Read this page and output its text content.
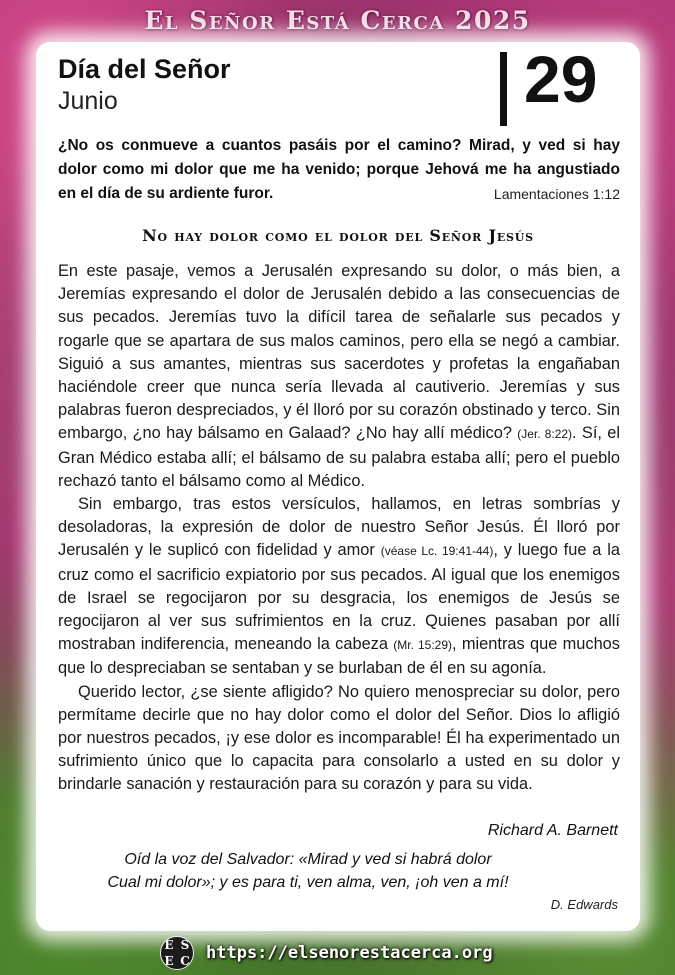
El Señor Está Cerca 2025
Día del Señor
Junio	29
¿No os conmueve a cuantos pasáis por el camino? Mirad, y ved si hay dolor como mi dolor que me ha venido; porque Jehová me ha angustiado en el día de su ardiente furor.	Lamentaciones 1:12
No hay dolor como el dolor del Señor Jesús

En este pasaje, vemos a Jerusalén expresando su dolor, o más bien, a Jeremías expresando el dolor de Jerusalén debido a las consecuencias de sus pecados. Jeremías tuvo la difícil tarea de señalarle sus pecados y rogarle que se apartara de sus malos caminos, pero ella se negó a cambiar. Siguió a sus amantes, mientras sus sacerdotes y profetas la engañaban haciéndole creer que nunca sería llevada al cautiverio. Jeremías y sus palabras fueron despreciados, y él lloró por su corazón obstinado y terco. Sin embargo, ¿no hay bálsamo en Galaad? ¿No hay allí médico? (Jer. 8:22). Sí, el Gran Médico estaba allí; el bálsamo de su palabra estaba allí; pero el pueblo rechazó tanto el bálsamo como al Médico.

Sin embargo, tras estos versículos, hallamos, en letras sombrías y desoladoras, la expresión de dolor de nuestro Señor Jesús. Él lloró por Jerusalén y le suplicó con fidelidad y amor (véase Lc. 19:41-44), y luego fue a la cruz como el sacrificio expiatorio por sus pecados. Al igual que los enemigos de Israel se regocijaron por su desgracia, los enemigos de Jesús se regocijaron al ver sus sufrimientos en la cruz. Quienes pasaban por allí mostraban indiferencia, meneando la cabeza (Mr. 15:29), mientras que muchos que lo despreciaban se sentaban y se burlaban de él en su agonía.

Querido lector, ¿se siente afligido? No quiero menospreciar su dolor, pero permítame decirle que no hay dolor como el dolor del Señor. Dios lo afligió por nuestros pecados, ¡y ese dolor es incomparable! Él ha experimentado un sufrimiento único que lo capacita para consolarlo a usted en su dolor y brindarle sanación y restauración para su corazón y para su vida.

Richard A. Barnett
Oíd la voz del Salvador: «Mirad y ved si habrá dolor
Cual mi dolor»; y es para ti, ven alma, ven, ¡oh ven a mí!
D. Edwards
E S
E C https://elsenorestacerca.org
